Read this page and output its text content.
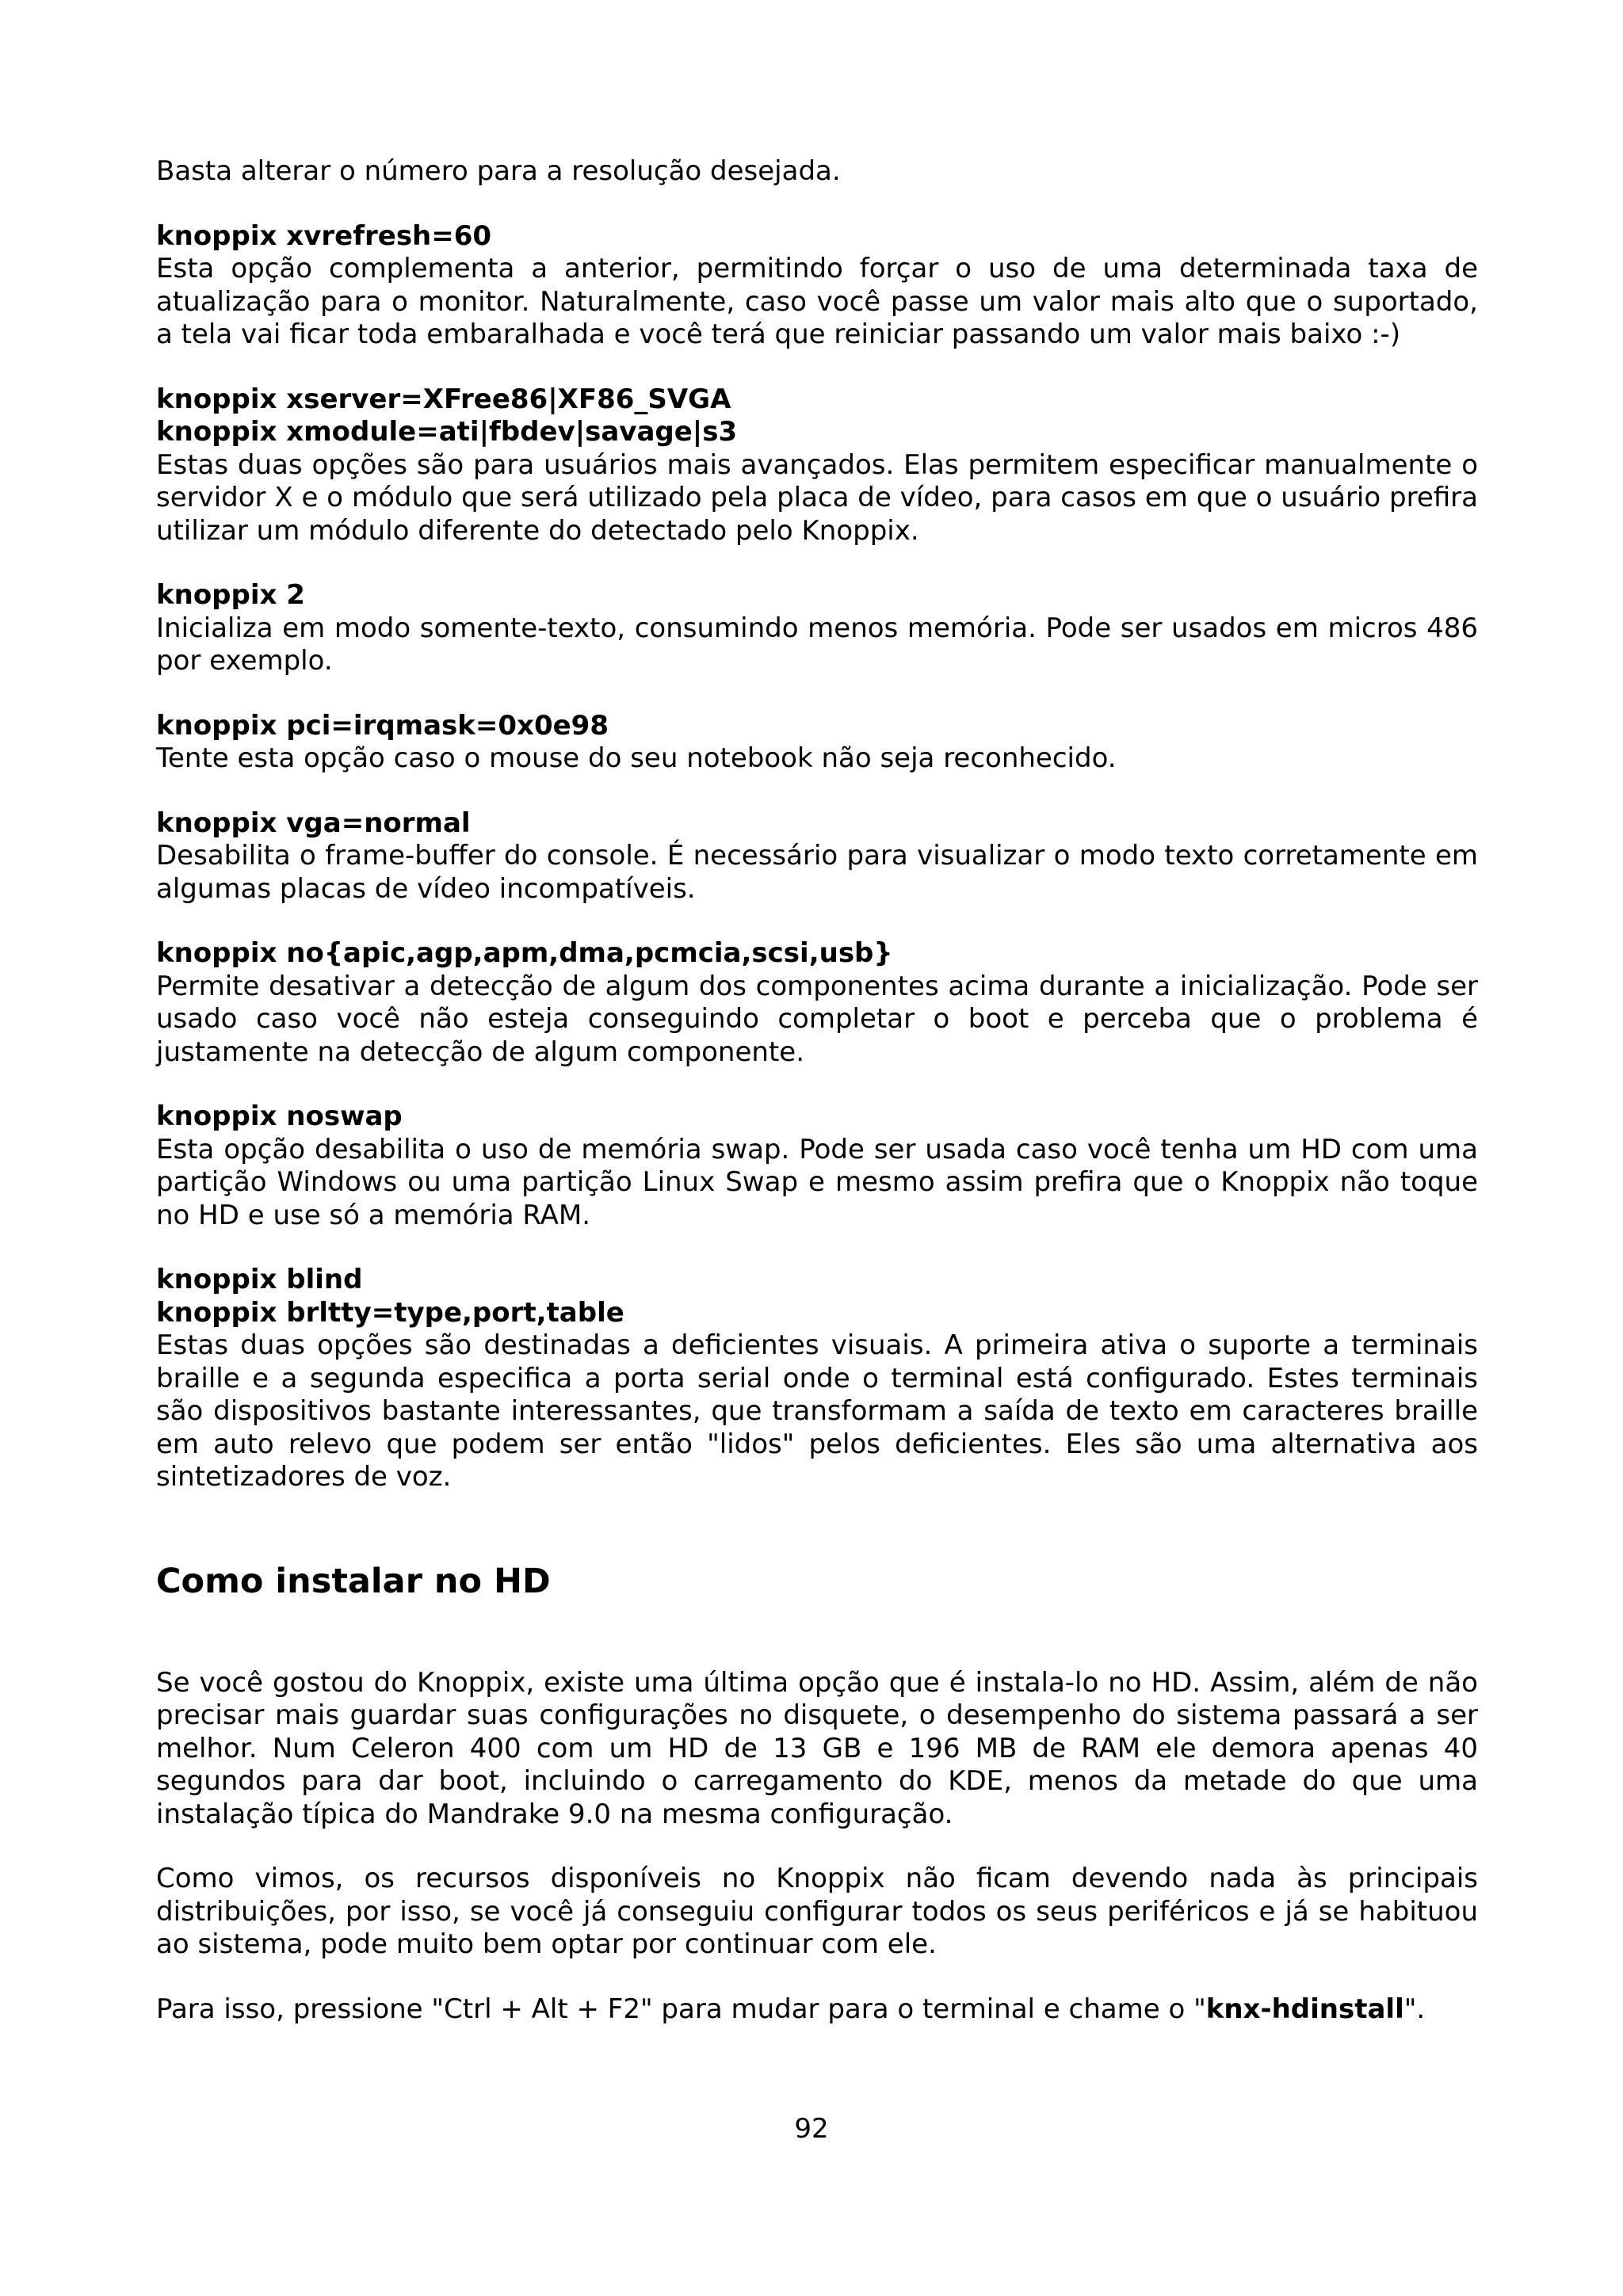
Basta alterar o número para a resolução desejada.

knoppix xvrefresh=60

Esta opção complementa a anterior, permitindo forçar o uso de uma determinada taxa de atualização para o monitor. Naturalmente, caso você passe um valor mais alto que o suportado, a tela vai ficar toda embaralhada e você terá que reiniciar passando um valor mais baixo :-)

knoppix xserver=XFree86|XF86_SVGA

knoppix xmodule=ati|fbdev|savage|s3

Estas duas opções são para usuários mais avançados. Elas permitem especificar manualmente o servidor X e o módulo que será utilizado pela placa de vídeo, para casos em que o usuário prefira utilizar um módulo diferente do detectado pelo Knoppix.

knoppix 2

Inicializa em modo somente-texto, consumindo menos memória. Pode ser usados em micros 486 por exemplo.

knoppix pci=irqmask=0x0e98

Tente esta opção caso o mouse do seu notebook não seja reconhecido.

knoppix vga=normal

Desabilita o frame-buffer do console. É necessário para visualizar o modo texto corretamente em algumas placas de vídeo incompatíveis.

knoppix no{apic,agp,apm,dma,pcmcia,scsi,usb}

Permite desativar a detecção de algum dos componentes acima durante a inicialização. Pode ser usado caso você não esteja conseguindo completar o boot e perceba que o problema é justamente na detecção de algum componente.

knoppix noswap

Esta opção desabilita o uso de memória swap. Pode ser usada caso você tenha um HD com uma partição Windows ou uma partição Linux Swap e mesmo assim prefira que o Knoppix não toque no HD e use só a memória RAM.

knoppix blind

knoppix brltty=type,port,table

Estas duas opções são destinadas a deficientes visuais. A primeira ativa o suporte a terminais braille e a segunda especifica a porta serial onde o terminal está configurado. Estes terminais são dispositivos bastante interessantes, que transformam a saída de texto em caracteres braille em auto relevo que podem ser então "lidos" pelos deficientes. Eles são uma alternativa aos sintetizadores de voz.

Como instalar no HD

Se você gostou do Knoppix, existe uma última opção que é instala-lo no HD. Assim, além de não precisar mais guardar suas configurações no disquete, o desempenho do sistema passará a ser melhor. Num Celeron 400 com um HD de 13 GB e 196 MB de RAM ele demora apenas 40 segundos para dar boot, incluindo o carregamento do KDE, menos da metade do que uma instalação típica do Mandrake 9.0 na mesma configuração.

Como vimos, os recursos disponíveis no Knoppix não ficam devendo nada às principais distribuições, por isso, se você já conseguiu configurar todos os seus periféricos e já se habituou ao sistema, pode muito bem optar por continuar com ele.

Para isso, pressione "Ctrl + Alt + F2" para mudar para o terminal e chame o "knx-hdinstall".

92
